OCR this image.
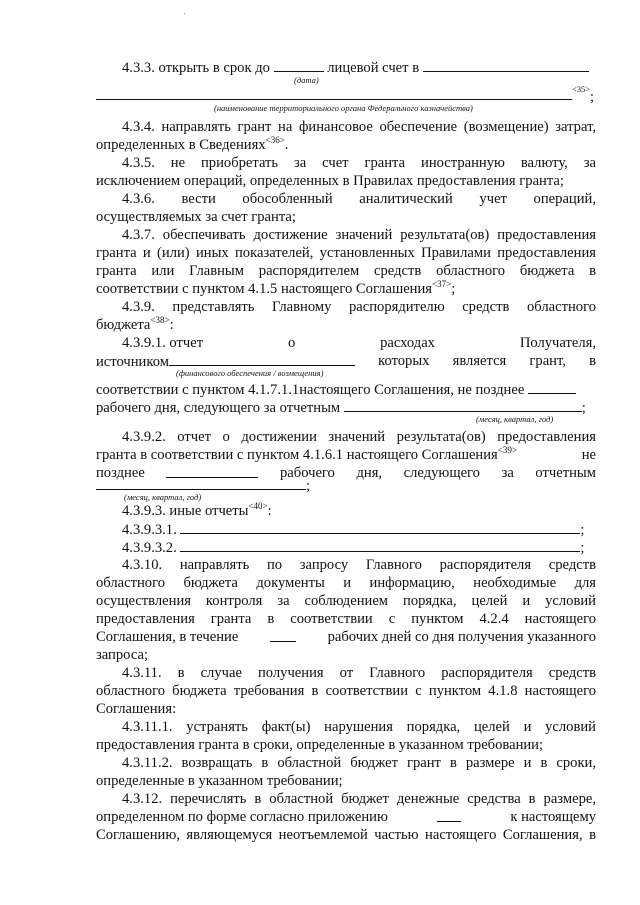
4.3.3. открыть в срок до	лицевой счет в
(дата)
<35> ;
(наименование территориального органа Федерального казначейства)
4.3.4. направлять грант на финансовое обеспечение (возмещение) затрат,
определенных в Сведениях$^{<36>}$.
4.3.5. не приобретать за счет гранта иностранную валюту, за
исключением операций, определенных в Правилах предоставления гранта;
4.3.6. вести обособленный аналитический учет операций,
осуществляемых за счет гранта;
4.3.7. обеспечивать достижение значений результата(ов) предоставления
гранта и (или) иных показателей, установленных Правилами предоставления
гранта или Главным распорядителем средств областного бюджета в
соответствии с пунктом 4.1.5 настоящего Соглашения$^{<37>}$;
4.3.9. представлять Главному распорядителю средств областного
бюджета$^{<38>}$:
4.3.9.1. отчет	о	расходах	Получателя,
источником	которых является грант, в
(финансового обеспечения / возмещения)
соответствии с пунктом 4.1.7.1.1настоящего Соглашения, не позднее
рабочего дня, следующего за отчетным	;
(месяц, квартал, год)
4.3.9.2. отчет о достижении значений результата(ов) предоставления
гранта в соответствии с пунктом 4.1.6.1 настоящего Соглашения$^{<39>}$	не
позднее	рабочего дня, следующего за отчетным
;
(месяц, квартал, год)
4.3.9.3. иные отчеты$^{<40>}$:
4.3.9.3.1.	;
4.3.9.3.2.	;
4.3.10. направлять по запросу Главного распорядителя средств
областного бюджета документы и информацию, необходимые для
осуществления контроля за соблюдением порядка, целей и условий
предоставления гранта в соответствии с пунктом 4.2.4 настоящего
Соглашения, в течение	рабочих дней со дня получения указанного
запроса;
4.3.11. в случае получения от Главного распорядителя средств
областного бюджета требования в соответствии с пунктом 4.1.8 настоящего
Соглашения:
4.3.11.1. устранять факт(ы) нарушения порядка, целей и условий
предоставления гранта в сроки, определенные в указанном требовании;
4.3.11.2. возвращать в областной бюджет грант в размере и в сроки,
определенные в указанном требовании;
4.3.12. перечислять в областной бюджет денежные средства в размере,
определенном по форме согласно приложению	к настоящему
Соглашению, являющемуся неотъемлемой частью настоящего Соглашения, в
